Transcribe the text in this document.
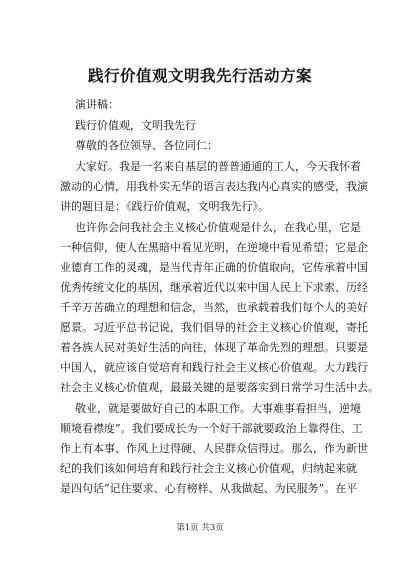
践行价值观文明我先行活动方案
演讲稿：
践行价值观，文明我先行
尊敬的各位领导、各位同仁：
大家好。我是一名来自基层的普普通通的工人，今天我怀着
激动的心情，用我朴实无华的语言表达我内心真实的感受，我演
讲的题目是：《践行价值观，文明我先行》。
也许你会问我社会主义核心价值观是什么，在我心里，它是
一种信仰，使人在黑暗中看见光明，在逆境中看见希望；它是企
业德育工作的灵魂，是当代青年正确的价值取向，它传承着中国
优秀传统文化的基因，继承着近代以来中国人民上下求索、历经
千辛万苦确立的理想和信念，当然，也承载着我们每个人的美好
愿景。习近平总书记说，我们倡导的社会主义核心价值观，寄托
着各族人民对美好生活的向往，体现了革命先烈的理想。只要是
中国人，就应该自觉培育和践行社会主义核心价值观。大力践行
社会主义核心价值观，最最关键的是要落实到日常学习生活中去。
敬业，就是要做好自己的本职工作。大事难事看担当，逆境
顺境看襟度”。我们要成长为一个好干部就要政治上靠得住、工
作上有本事、作风上过得硬、人民群众信得过。那么，作为新世
纪的我们该如何培育和践行社会主义核心价值观，归纳起来就
是四句话“记住要求、心有榜样、从我做起、为民服务”。在平
第1页 共3页
